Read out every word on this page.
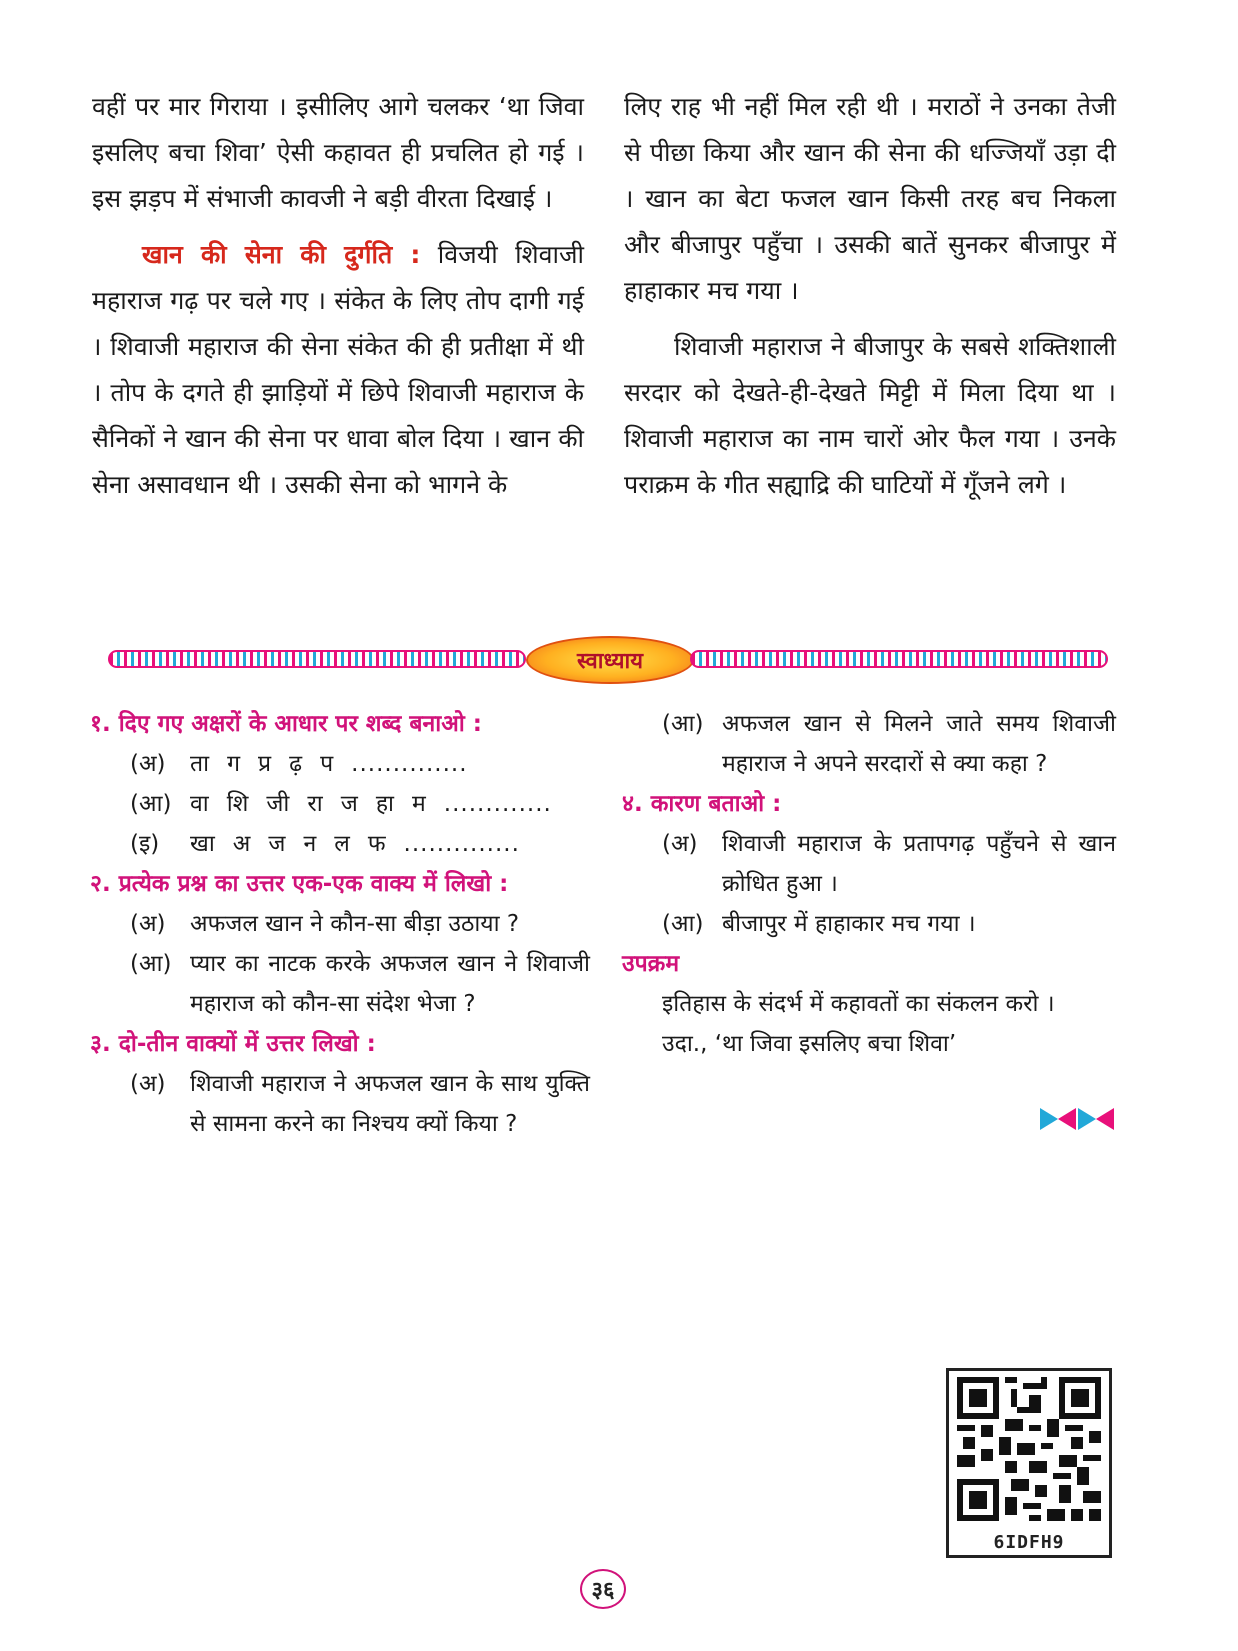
वहीं पर मार गिराया । इसीलिए आगे चलकर ‘था जिवा इसलिए बचा शिवा’ ऐसी कहावत ही प्रचलित हो गई । इस झड़प में संभाजी कावजी ने बड़ी वीरता दिखाई ।

खान की सेना की दुर्गति : विजयी शिवाजी महाराज गढ़ पर चले गए । संकेत के लिए तोप दागी गई । शिवाजी महाराज की सेना संकेत की ही प्रतीक्षा में थी । तोप के दगते ही झाड़ियों में छिपे शिवाजी महाराज के सैनिकों ने खान की सेना पर धावा बोल दिया । खान की सेना असावधान थी । उसकी सेना को भागने के

लिए राह भी नहीं मिल रही थी । मराठों ने उनका तेजी से पीछा किया और खान की सेना की धज्जियाँ उड़ा दी । खान का बेटा फजल खान किसी तरह बच निकला और बीजापुर पहुँचा । उसकी बातें सुनकर बीजापुर में हाहाकार मच गया ।

शिवाजी महाराज ने बीजापुर के सबसे शक्तिशाली सरदार को देखते-ही-देखते मिट्टी में मिला दिया था । शिवाजी महाराज का नाम चारों ओर फैल गया । उनके पराक्रम के गीत सह्याद्रि की घाटियों में गूँजने लगे ।

स्वाध्याय
१. दिए गए अक्षरों के आधार पर शब्द बनाओ :
(अ)	ता ग प्र ढ़ प ..............
(आ) वा शि जी रा ज हा म .............
(इ)	खा अ ज न ल फ ..............
२. प्रत्येक प्रश्न का उत्तर एक-एक वाक्य में लिखो :
(अ)	अफजल खान ने कौन-सा बीड़ा उठाया ?
(आ) प्यार का नाटक करके अफजल खान ने शिवाजी महाराज को कौन-सा संदेश भेजा ?
३. दो-तीन वाक्यों में उत्तर लिखो :
(अ)	शिवाजी महाराज ने अफजल खान के साथ युक्ति से सामना करने का निश्चय क्यों किया ?
(आ) अफजल खान से मिलने जाते समय शिवाजी महाराज ने अपने सरदारों से क्या कहा ?
४. कारण बताओ :
(अ)	शिवाजी महाराज के प्रतापगढ़ पहुँचने से खान क्रोधित हुआ ।
(आ) बीजापुर में हाहाकार मच गया ।
उपक्रम
इतिहास के संदर्भ में कहावतों का संकलन करो ।
उदा., ‘था जिवा इसलिए बचा शिवा’
6IDFH9
३६
